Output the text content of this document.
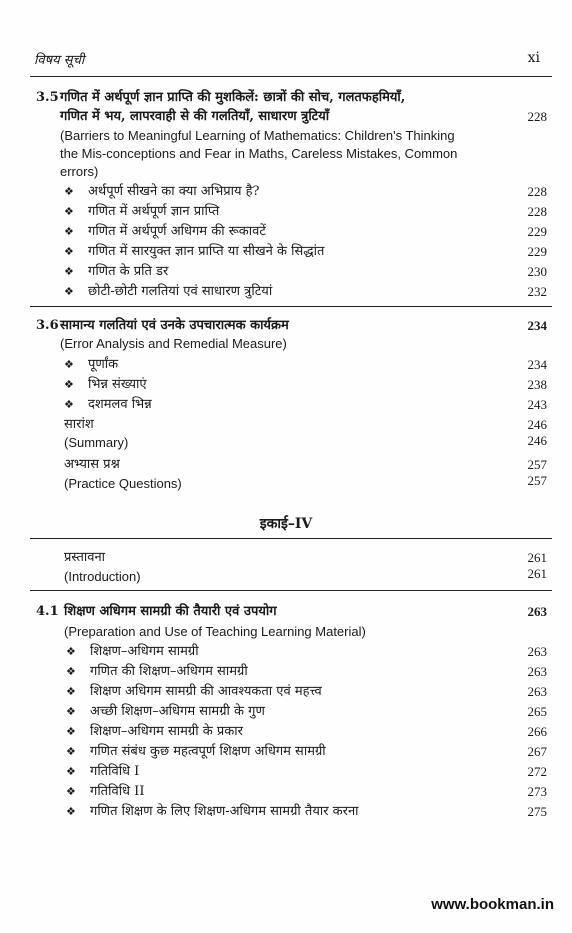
विषय सूची	xi
3.5 गणित में अर्थपूर्ण ज्ञान प्राप्ति की मुशकिलें: छात्रों की सोच, गलतफहमियाँ,
गणित में भय, लापरवाही से की गलतियाँ, साधारण त्रुटियाँ	228
(Barriers to Meaningful Learning of Mathematics: Children's Thinking
the Mis-conceptions and Fear in Maths, Careless Mistakes, Common
errors)
❖ अर्थपूर्ण सीखने का क्या अभिप्राय है?	228
❖ गणित में अर्थपूर्ण ज्ञान प्राप्ति	228
❖ गणित में अर्थपूर्ण अधिगम की रूकावटें	229
❖ गणित में सारयुक्त ज्ञान प्राप्ति या सीखने के सिद्धांत	229
❖ गणित के प्रति डर	230
❖ छोटी-छोटी गलतियां एवं साधारण त्रुटियां	232
3.6 सामान्य गलतियां एवं उनके उपचारात्मक कार्यक्रम	234
(Error Analysis and Remedial Measure)
❖ पूर्णांक	234
❖ भिन्न संख्याएं	238
❖ दशमलव भिन्न	243
सारांश	246
(Summary)	246
अभ्यास प्रश्न	257
(Practice Questions)	257
इकाई–IV
प्रस्तावना	261
(Introduction)	261
4.1 शिक्षण अधिगम सामग्री की तैयारी एवं उपयोग	263
(Preparation and Use of Teaching Learning Material)
❖ शिक्षण–अधिगम सामग्री	263
❖ गणित की शिक्षण–अधिगम सामग्री	263
❖ शिक्षण अधिगम सामग्री की आवश्यकता एवं महत्त्व	263
❖ अच्छी शिक्षण–अधिगम सामग्री के गुण	265
❖ शिक्षण–अधिगम सामग्री के प्रकार	266
❖ गणित संबंध कुछ महत्वपूर्ण शिक्षण अधिगम सामग्री	267
❖ गतिविधि I	272
❖ गतिविधि II	273
❖ गणित शिक्षण के लिए शिक्षण-अधिगम सामग्री तैयार करना	275
www.bookman.in
